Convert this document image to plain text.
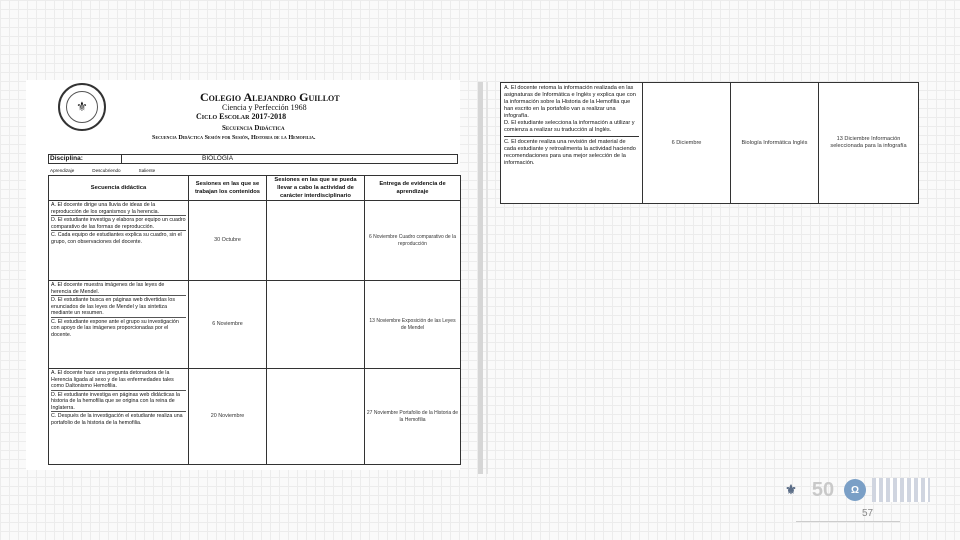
⚜
Colegio Alejandro Guillot
Ciencia y Perfección 1968
Ciclo Escolar 2017-2018
Secuencia Didáctica
Secuencia Didáctica Sesión por Sesión, Historia de la Hemofilia.
Disciplina:	BIOLOGÍA
Aprendizaje	Descubriendo	Saliente
Secuencia didáctica	Sesiones en las que se trabajan los contenidos	Sesiones en las que se pueda llevar a cabo la actividad de carácter interdisciplinario	Entrega de evidencia de aprendizaje

A. El docente dirige una lluvia de ideas de la reproducción de los organismos y la herencia.
D. El estudiante investiga y elabora por equipo un cuadro comparativo de las formas de reproducción.
C. Cada equipo de estudiantes explica su cuadro, sin el grupo, con observaciones del docente.	30 Octubre		6 Noviembre Cuadro comparativo de la reproducción

A. El docente muestra imágenes de las leyes de herencia de Mendel.
D. El estudiante busca en páginas web divertidas los enunciados de las leyes de Mendel y las sintetiza mediante un resumen.
C. El estudiante expone ante el grupo su investigación con apoyo de las imágenes proporcionadas por el docente.	6 Noviembre		13 Noviembre Exposición de las Leyes de Mendel

A. El docente hace una pregunta detonadora de la Herencia ligada al sexo y de las enfermedades tales como Daltonismo Hemofilia.
D. El estudiante investiga en páginas web didácticas la historia de la hemofilia que se origina con la reina de Inglaterra.
C. Después de la investigación el estudiante realiza una portafolio de la historia de la hemofilia.	20 Noviembre		27 Noviembre Portafolio de la Historia de la Hemofilia
A. El docente retoma la información realizada en las asignaturas de Informática e Inglés y explica que con la información sobre la Historia de la Hemofilia que han escrito en la portafolio van a realizar una infografía.
D. El estudiante selecciona la información a utilizar y comienza a realizar su traducción al Inglés.
C. El docente realiza una revisión del material de cada estudiante y retroalimenta la actividad haciendo recomendaciones para una mejor selección de la información.
	6 Diciembre	Biología Informática Inglés	13 Diciembre Información seleccionada para la infografía
⚜ 50	Ω
57
